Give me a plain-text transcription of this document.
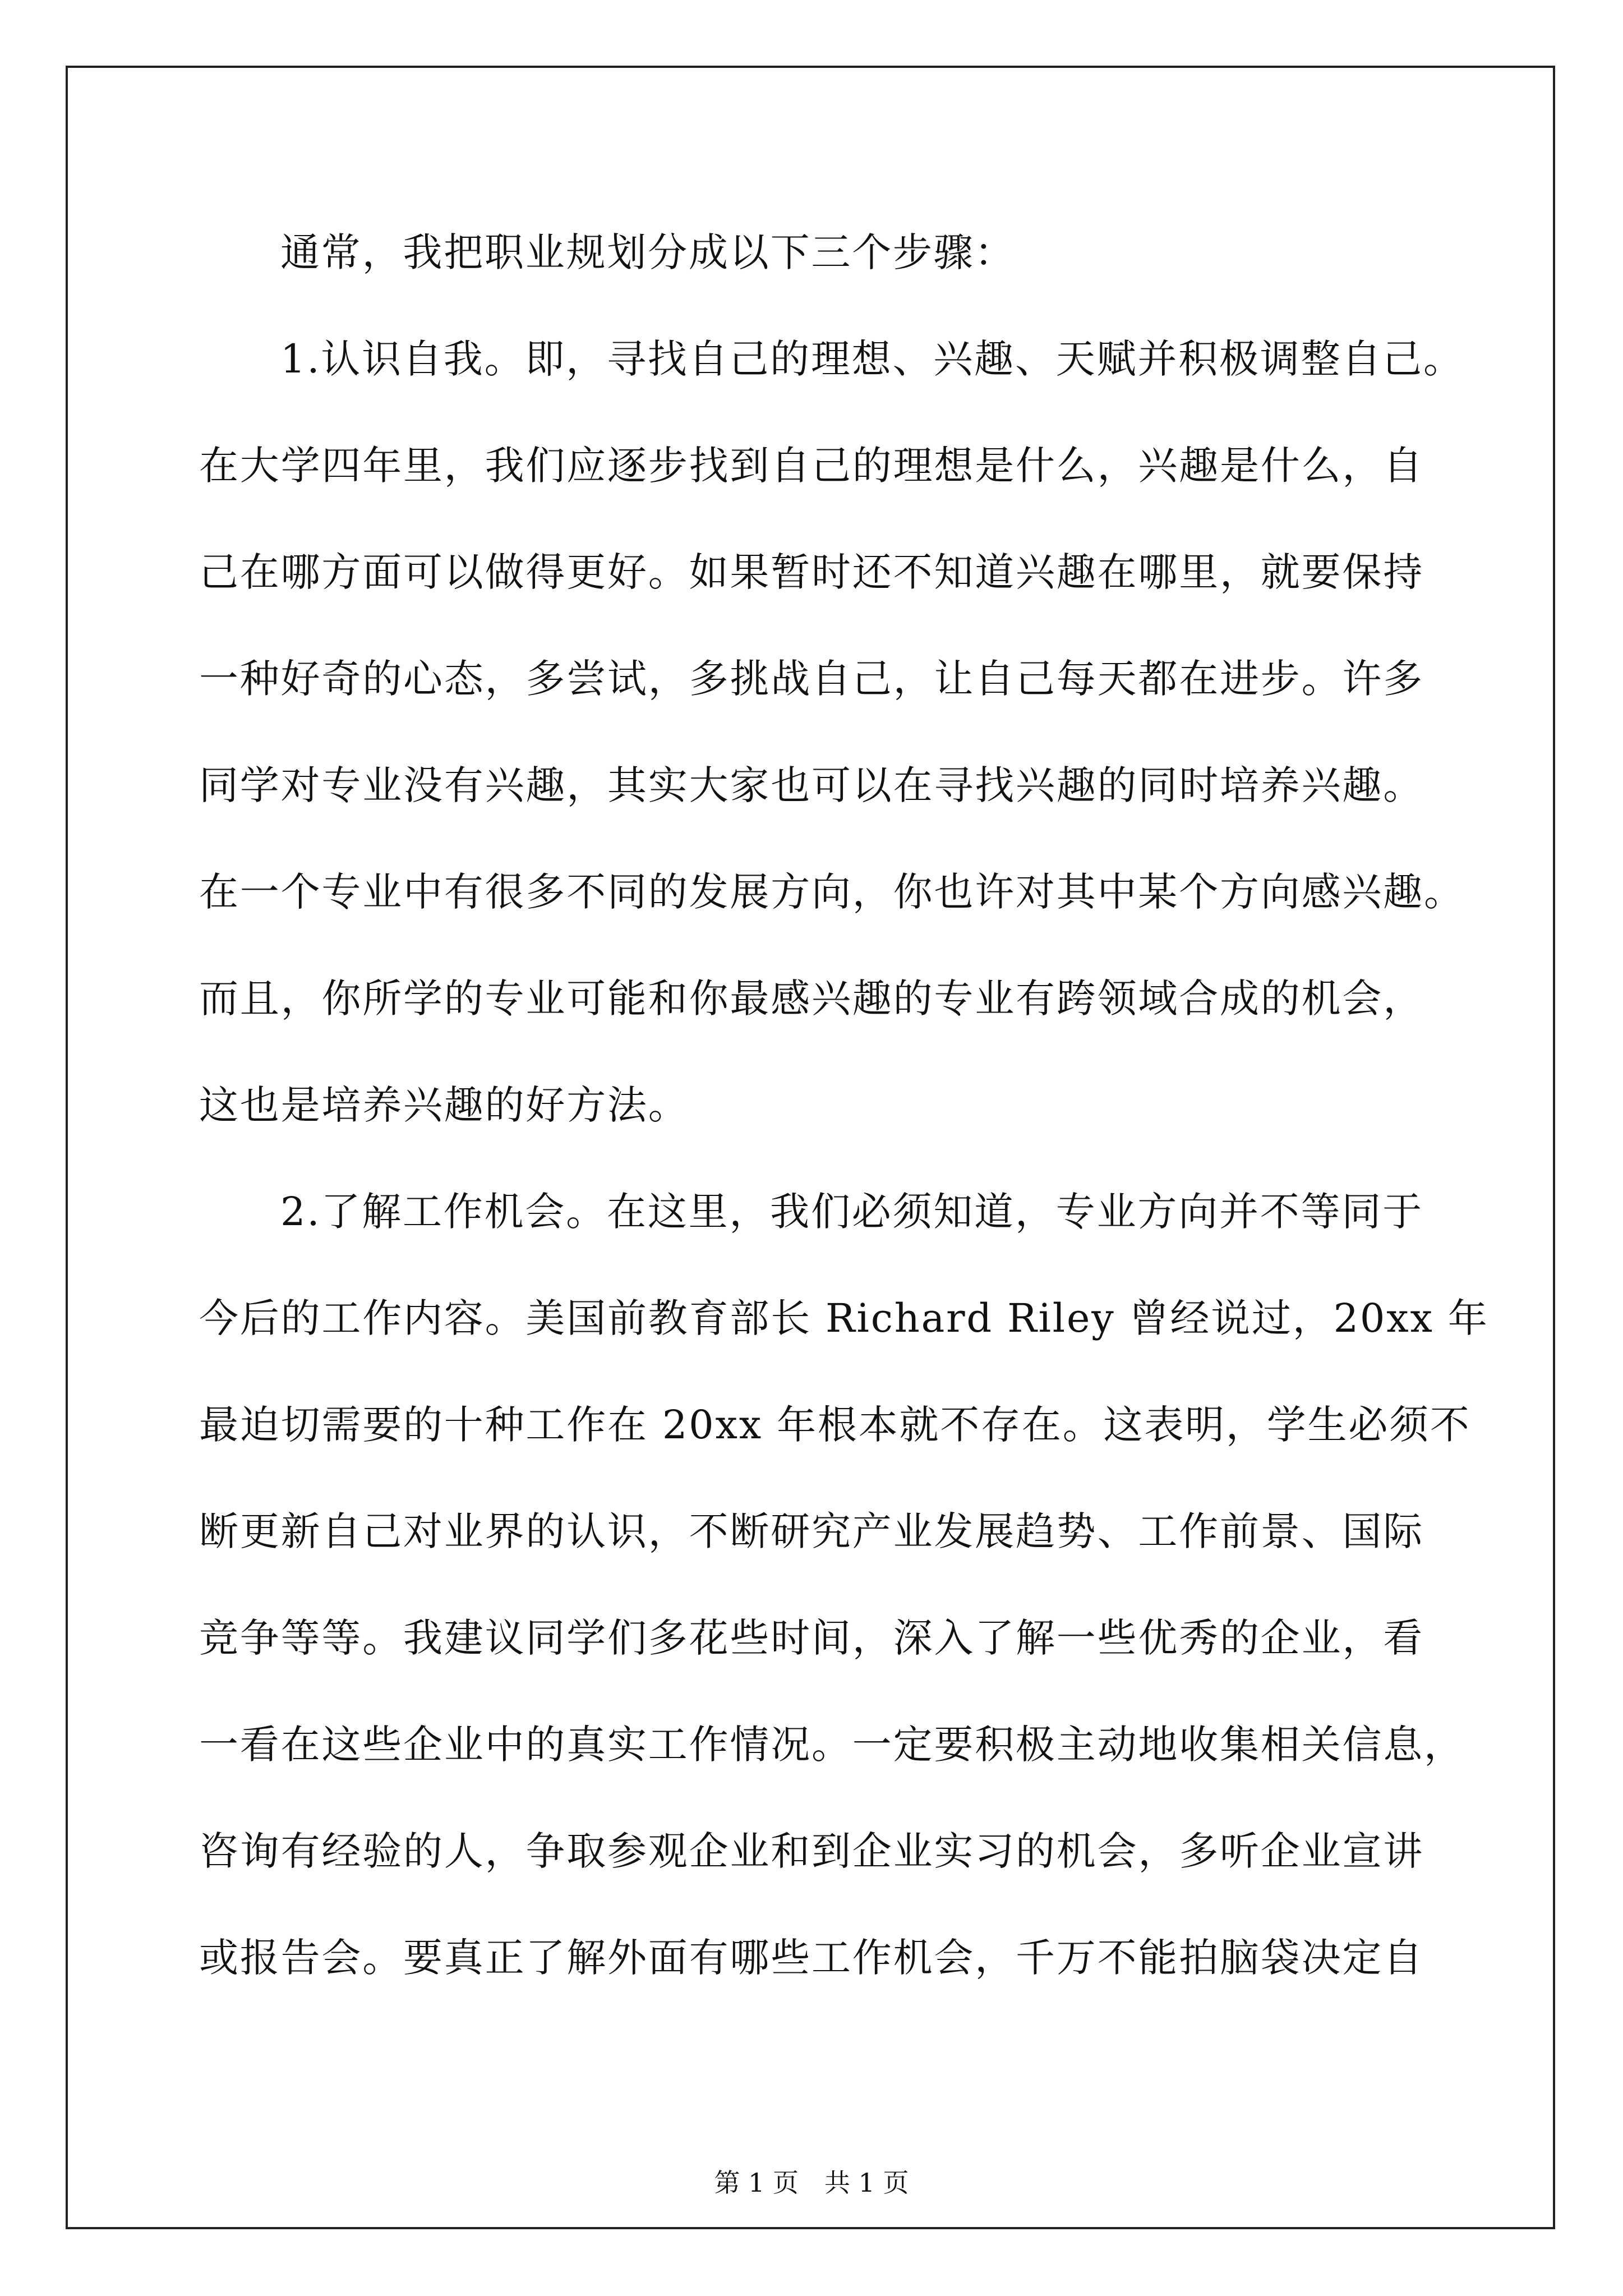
通常，我把职业规划分成以下三个步骤：
1.认识自我。即，寻找自己的理想、兴趣、天赋并积极调整自己。
在大学四年里，我们应逐步找到自己的理想是什么，兴趣是什么，自
己在哪方面可以做得更好。如果暂时还不知道兴趣在哪里，就要保持
一种好奇的心态，多尝试，多挑战自己，让自己每天都在进步。许多
同学对专业没有兴趣，其实大家也可以在寻找兴趣的同时培养兴趣。
在一个专业中有很多不同的发展方向，你也许对其中某个方向感兴趣。
而且，你所学的专业可能和你最感兴趣的专业有跨领域合成的机会，
这也是培养兴趣的好方法。
2.了解工作机会。在这里，我们必须知道，专业方向并不等同于
今后的工作内容。美国前教育部长 Richard Riley 曾经说过，20xx 年
最迫切需要的十种工作在 20xx 年根本就不存在。这表明，学生必须不
断更新自己对业界的认识，不断研究产业发展趋势、工作前景、国际
竞争等等。我建议同学们多花些时间，深入了解一些优秀的企业，看
一看在这些企业中的真实工作情况。一定要积极主动地收集相关信息，
咨询有经验的人，争取参观企业和到企业实习的机会，多听企业宣讲
或报告会。要真正了解外面有哪些工作机会，千万不能拍脑袋决定自
第 1 页　共 1 页
